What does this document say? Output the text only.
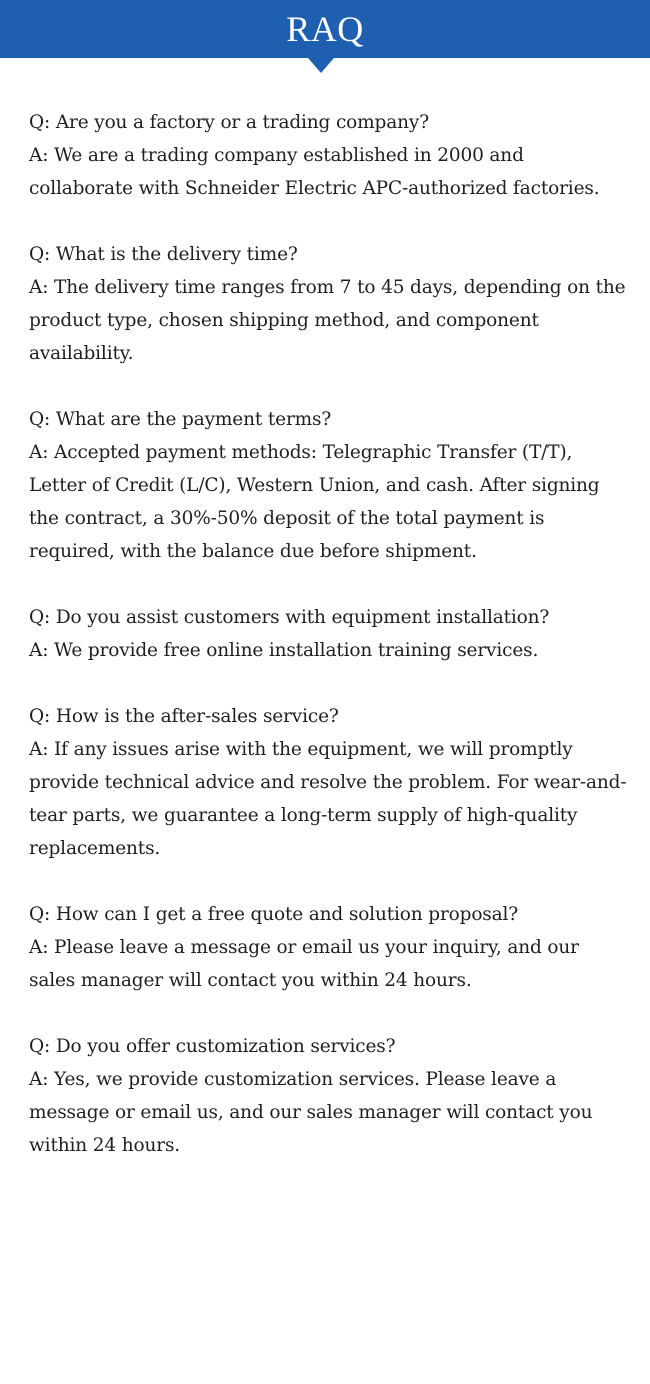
RAQ

Q: Are you a factory or a trading company?

A: We are a trading company established in 2000 and collaborate with Schneider Electric APC-authorized factories.

Q: What is the delivery time?

A: The delivery time ranges from 7 to 45 days, depending on the product type, chosen shipping method, and component availability.

Q: What are the payment terms?

A: Accepted payment methods: Telegraphic Transfer (T/T), Letter of Credit (L/C), Western Union, and cash. After signing the contract, a 30%-50% deposit of the total payment is required, with the balance due before shipment.

Q: Do you assist customers with equipment installation?

A: We provide free online installation training services.

Q: How is the after-sales service?

A: If any issues arise with the equipment, we will promptly provide technical advice and resolve the problem. For wear-and-tear parts, we guarantee a long-term supply of high-quality replacements.

Q: How can I get a free quote and solution proposal?

A: Please leave a message or email us your inquiry, and our sales manager will contact you within 24 hours.

Q: Do you offer customization services?

A: Yes, we provide customization services. Please leave a message or email us, and our sales manager will contact you within 24 hours.
